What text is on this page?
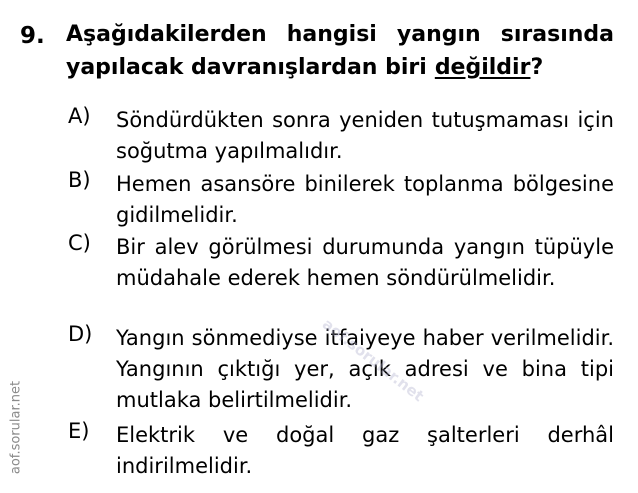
9. Aşağıdakilerden hangisi yangın sırasında
yapılacak davranışlardan biri değildir?
A) Söndürdükten sonra yeniden tutuşmaması için soğutma yapılmalıdır.
B) Hemen asansöre binilerek toplanma bölgesine gidilmelidir.
C) Bir alev görülmesi durumunda yangın tüpüyle müdahale ederek hemen söndürülmelidir.
D) Yangın sönmediyse itfaiyeye haber verilmelidir. Yangının çıktığı yer, açık adresi ve bina tipi mutlaka belirtilmelidir.
E) Elektrik ve doğal gaz şalterleri derhâl indirilmelidir.
aof.sorular.net
aof.sorular.net
